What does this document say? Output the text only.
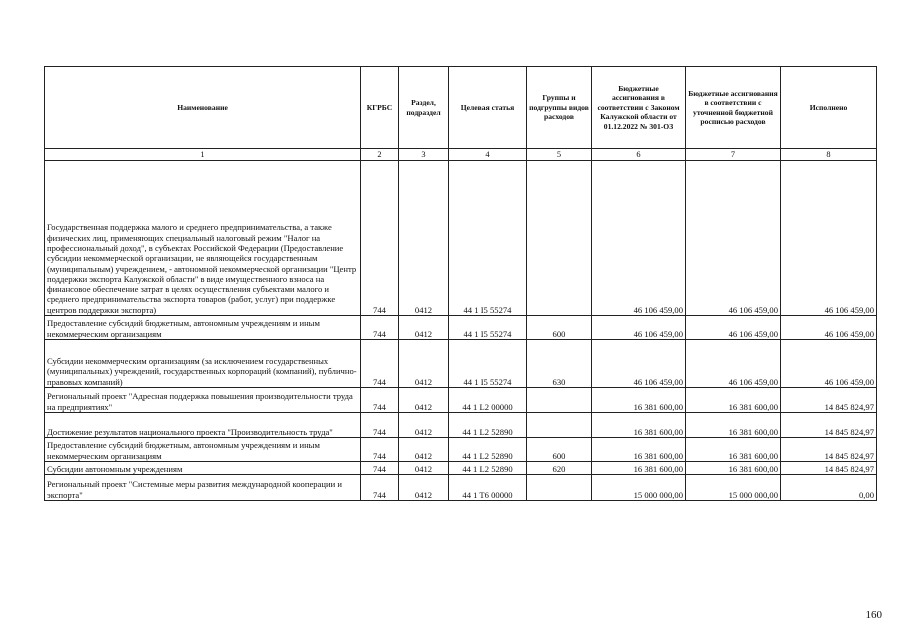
Наименование	КГРБС	Раздел, подраздел	Целевая статья	Группы и подгруппы видов расходов	Бюджетные ассигнования в соответствии с Законом Калужской области от 01.12.2022 № 301-ОЗ	Бюджетные ассигнования в соответствии с уточненной бюджетной росписью расходов	Исполнено
1	2	3	4	5	6	7	8
Государственная поддержка малого и среднего предпринимательства, а также физических лиц, применяющих специальный налоговый режим "Налог на профессиональный доход", в субъектах Российской Федерации (Предоставление субсидии некоммерческой организации, не являющейся государственным (муниципальным) учреждением, - автономной некоммерческой организации "Центр поддержки экспорта Калужской области" в виде имущественного взноса на финансовое обеспечение затрат в целях осуществления субъектами малого и среднего предпринимательства экспорта товаров (работ, услуг) при поддержке центров поддержки экспорта)	744	0412	44 1 I5 55274		46 106 459,00	46 106 459,00	46 106 459,00
Предоставление субсидий бюджетным, автономным учреждениям и иным некоммерческим организациям	744	0412	44 1 I5 55274	600	46 106 459,00	46 106 459,00	46 106 459,00
Субсидии некоммерческим организациям (за исключением государственных (муниципальных) учреждений, государственных корпораций (компаний), публично-правовых компаний)	744	0412	44 1 I5 55274	630	46 106 459,00	46 106 459,00	46 106 459,00
Региональный проект "Адресная поддержка повышения производительности труда на предприятиях"	744	0412	44 1 L2 00000		16 381 600,00	16 381 600,00	14 845 824,97
Достижение результатов национального проекта "Производительность труда"	744	0412	44 1 L2 52890		16 381 600,00	16 381 600,00	14 845 824,97
Предоставление субсидий бюджетным, автономным учреждениям и иным некоммерческим организациям	744	0412	44 1 L2 52890	600	16 381 600,00	16 381 600,00	14 845 824,97
Субсидии автономным учреждениям	744	0412	44 1 L2 52890	620	16 381 600,00	16 381 600,00	14 845 824,97
Региональный проект "Системные меры развития международной кооперации и экспорта"	744	0412	44 1 T6 00000		15 000 000,00	15 000 000,00	0,00
160
